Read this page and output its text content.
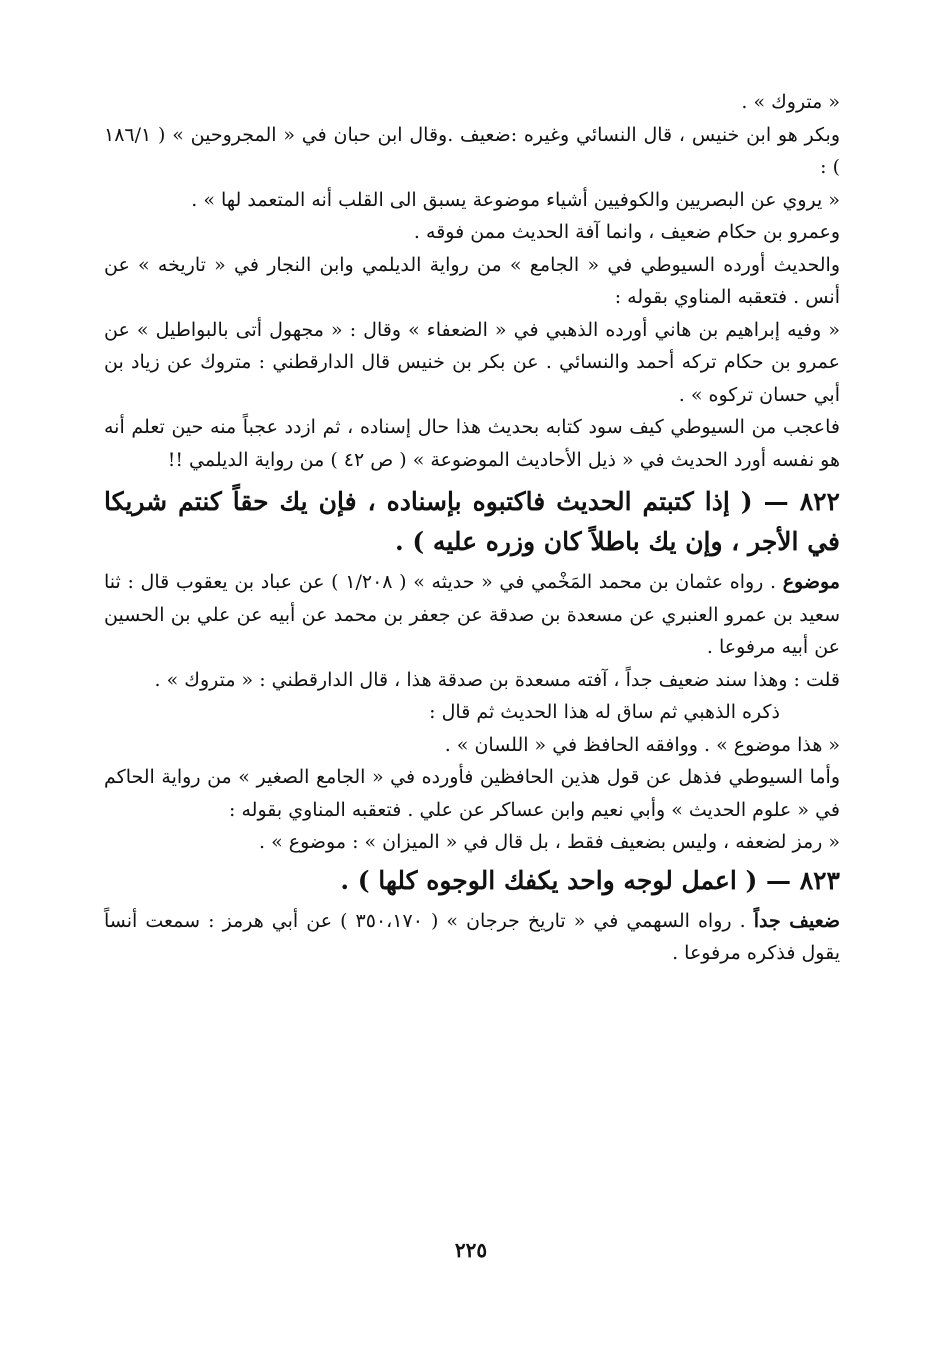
« متروك » .

وبكر هو ابن خنيس ، قال النسائي وغيره :ضعيف .وقال ابن حبان في « المجروحين » ( ١٨٦/١ ) :

« يروي عن البصريين والكوفيين أشياء موضوعة يسبق الى القلب أنه المتعمد لها » .

وعمرو بن حكام ضعيف ، وانما آفة الحديث ممن فوقه .

والحديث أورده السيوطي في « الجامع » من رواية الديلمي وابن النجار في « تاريخه » عن أنس . فتعقبه المناوي بقوله :

« وفيه إبراهيم بن هاني أورده الذهبي في « الضعفاء » وقال : « مجهول أتى بالبواطيل » عن عمرو بن حكام تركه أحمد والنسائي . عن بكر بن خنيس قال الدارقطني : متروك عن زياد بن أبي حسان تركوه » .

فاعجب من السيوطي كيف سود كتابه بحديث هذا حال إسناده ، ثم ازدد عجباً منه حين تعلم أنه هو نفسه أورد الحديث في « ذيل الأحاديث الموضوعة » ( ص ٤٢ ) من رواية الديلمي !!

٨٢٢ — ( إذا كتبتم الحديث فاكتبوه بإسناده ، فإن يك حقاً كنتم شريكا في الأجر ، وإن يك باطلاً كان وزره عليه ) .

موضوع . رواه عثمان بن محمد المَخْمي في « حديثه » ( ١/٢٠٨ ) عن عباد بن يعقوب قال : ثنا سعيد بن عمرو العنبري عن مسعدة بن صدقة عن جعفر بن محمد عن أبيه عن علي بن الحسين عن أبيه مرفوعا .

قلت : وهذا سند ضعيف جداً ، آفته مسعدة بن صدقة هذا ، قال الدارقطني : « متروك » .

ذكره الذهبي ثم ساق له هذا الحديث ثم قال :

« هذا موضوع » . ووافقه الحافظ في « اللسان » .

وأما السيوطي فذهل عن قول هذين الحافظين فأورده في « الجامع الصغير » من رواية الحاكم في « علوم الحديث » وأبي نعيم وابن عساكر عن علي . فتعقبه المناوي بقوله :

« رمز لضعفه ، وليس بضعيف فقط ، بل قال في « الميزان » : موضوع » .

٨٢٣ — ( اعمل لوجه واحد يكفك الوجوه كلها ) .

ضعيف جداً . رواه السهمي في « تاريخ جرجان » ( ٣٥٠،١٧٠ ) عن أبي هرمز : سمعت أنساً يقول فذكره مرفوعا .

٢٢٥
